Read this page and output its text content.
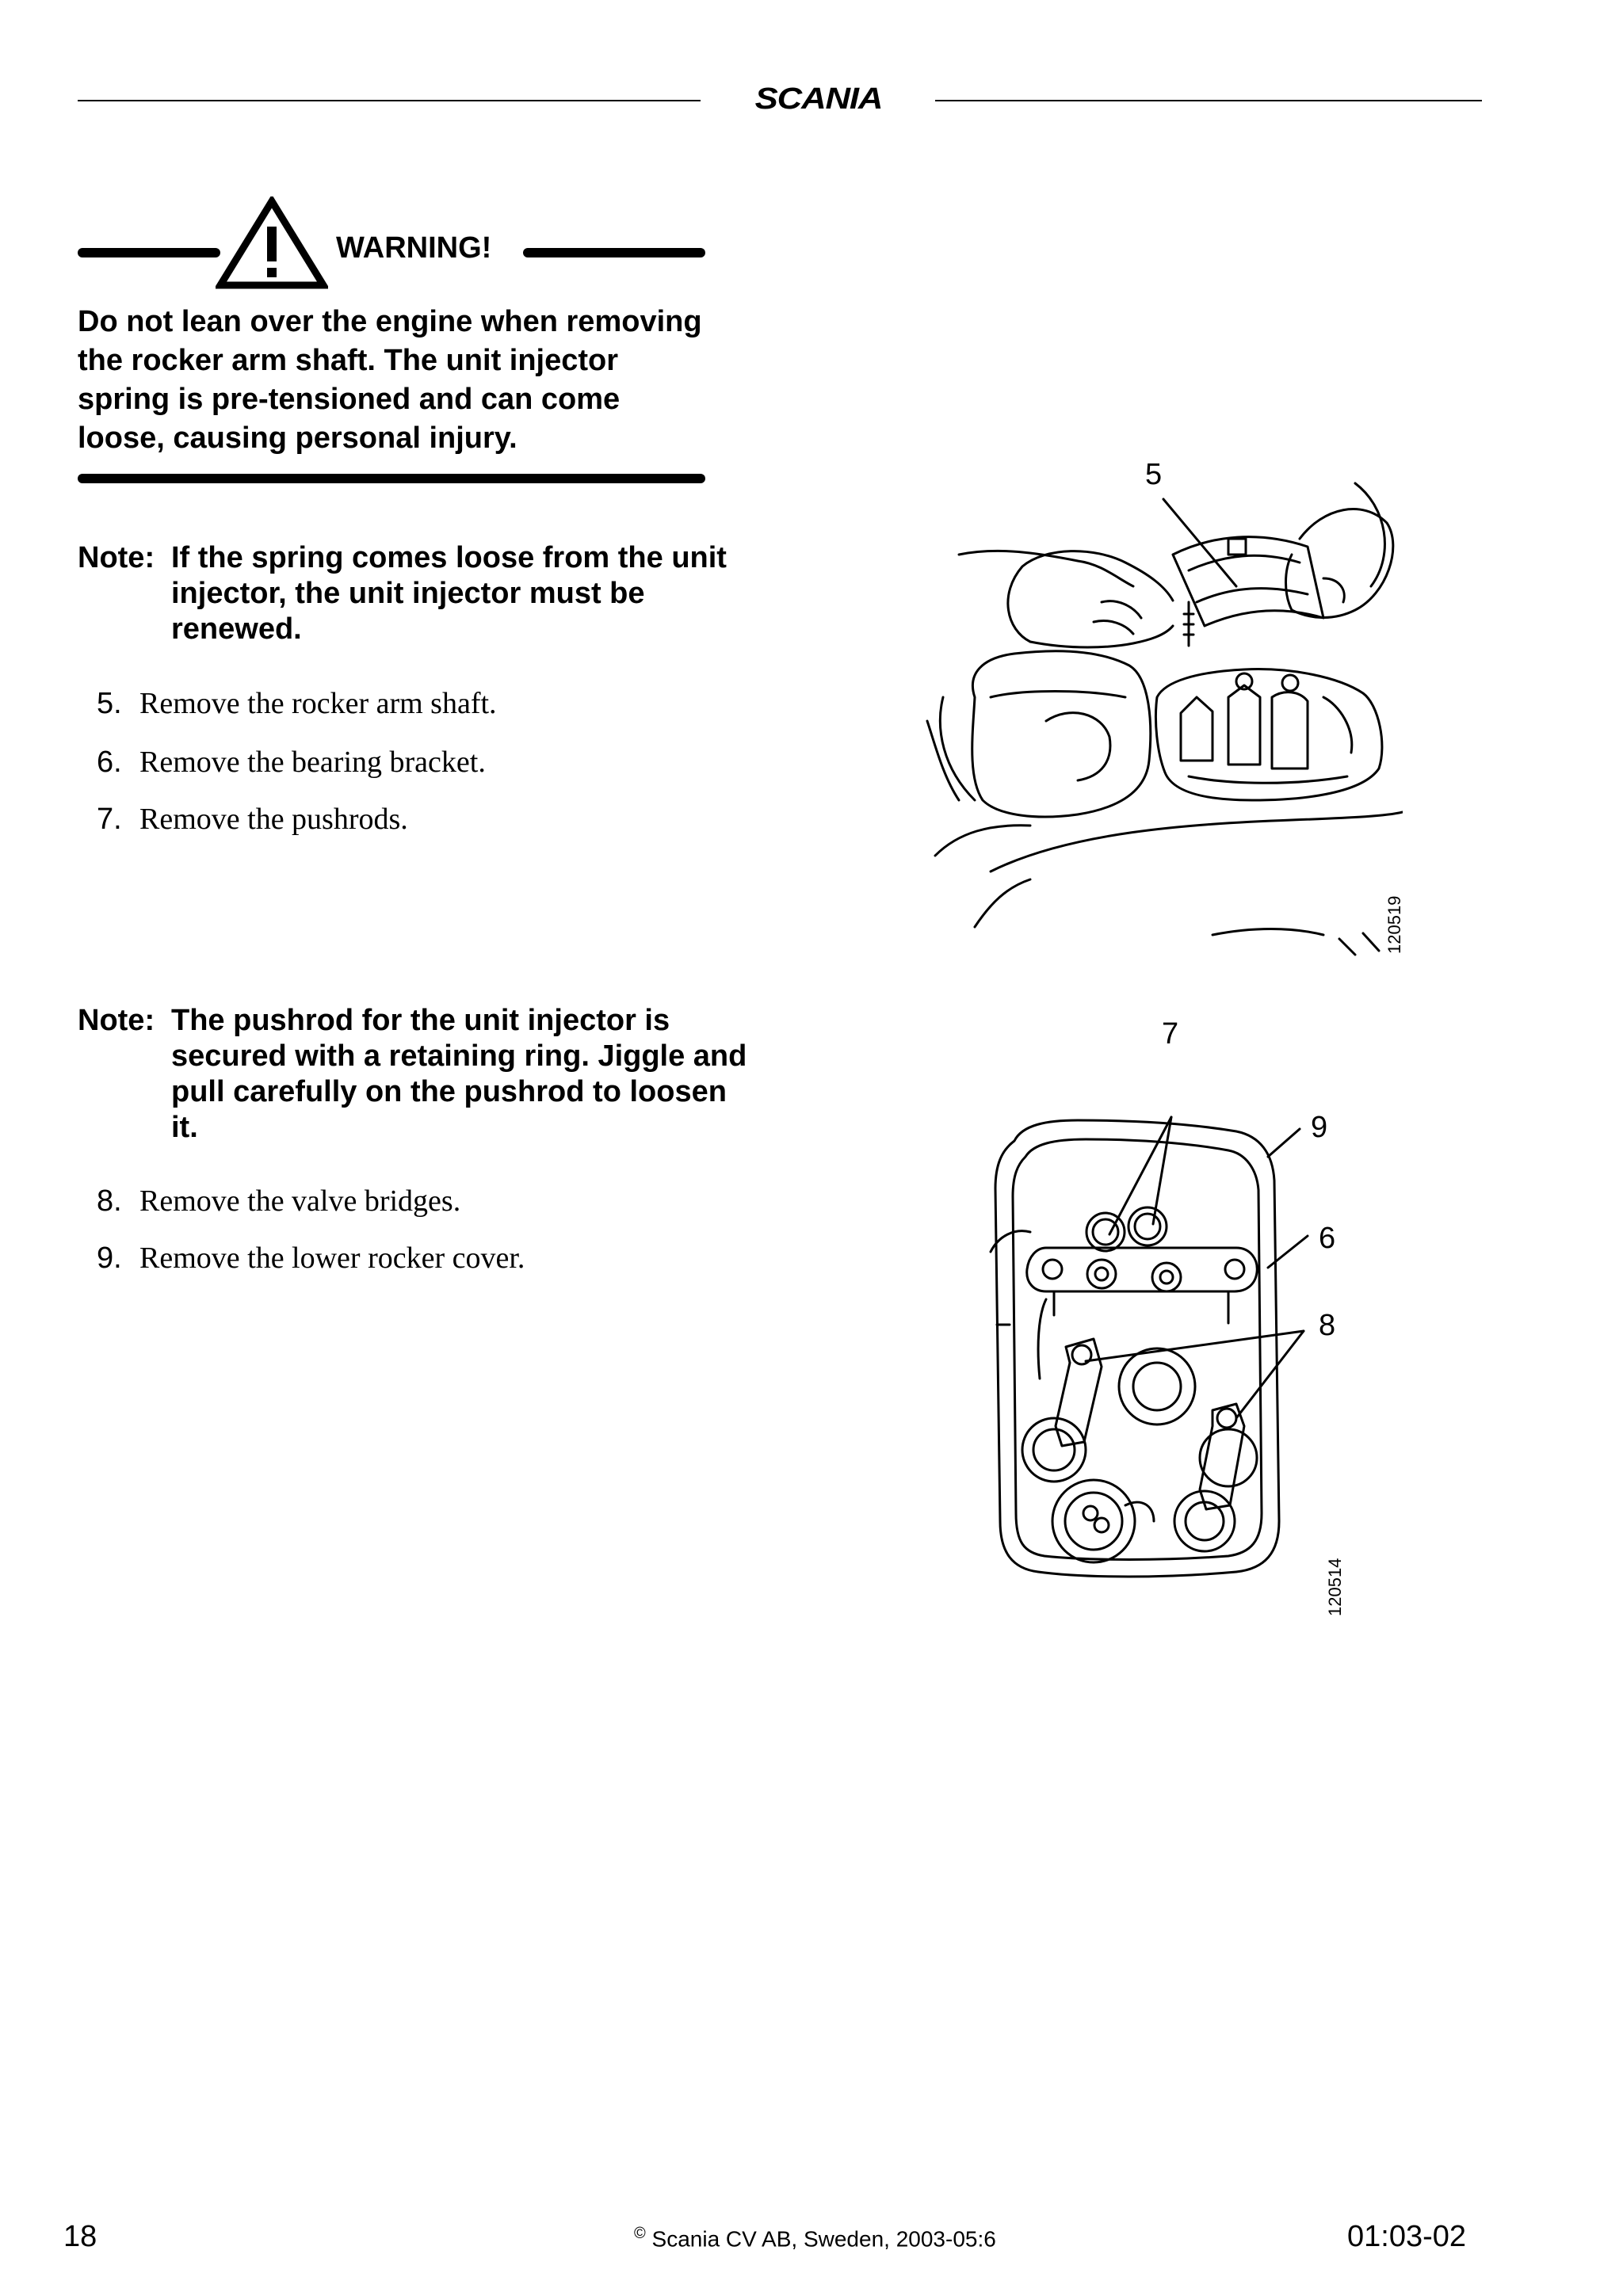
SCANIA
WARNING!
Do not lean over the engine when removing the rocker arm shaft. The unit injector spring is pre-tensioned and can come loose, causing personal injury.
Note: If the spring comes loose from the unit injector, the unit injector must be renewed.
5. Remove the rocker arm shaft.
6. Remove the bearing bracket.
7. Remove the pushrods.
Note: The pushrod for the unit injector is secured with a retaining ring. Jiggle and pull carefully on the pushrod to loosen it.
8. Remove the valve bridges.
9. Remove the lower rocker cover.
5
120519
7
9
6
8
120514
18	© Scania CV AB, Sweden, 2003-05:6	01:03-02
